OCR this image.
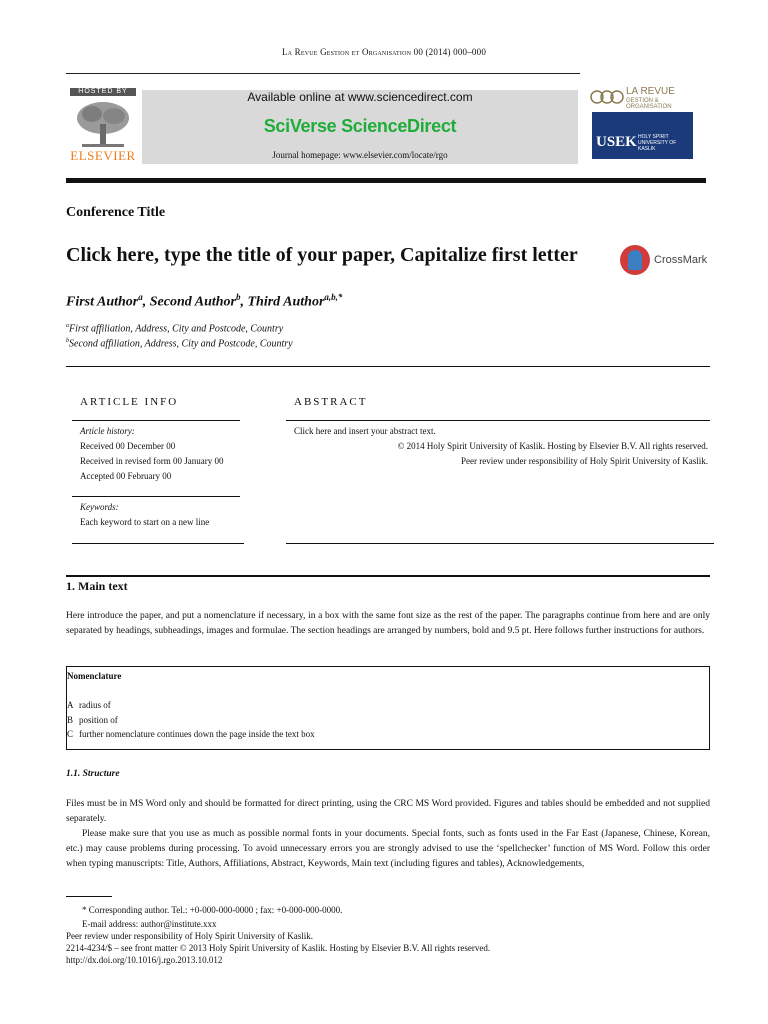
La Revue Gestion et Organisation 00 (2014) 000–000
HOSTED BY
ELSEVIER
Available online at www.sciencedirect.com
SciVerse ScienceDirect
Journal homepage: www.elsevier.com/locate/rgo
LA REVUE
GESTION & ORGANISATION
USEK HOLY SPIRIT UNIVERSITY OF KASLIK
Conference Title
Click here, type the title of your paper, Capitalize first letter	CrossMark
First Author$^a$, Second Author$^b$, Third Author$^{a,b,*}$
$^a$First affiliation, Address, City and Postcode, Country
$^b$Second affiliation, Address, City and Postcode, Country
ARTICLE INFO
Article history:
Received 00 December 00
Received in revised form 00 January 00
Accepted 00 February 00
Keywords:
Each keyword to start on a new line
ABSTRACT
Click here and insert your abstract text.
© 2014 Holy Spirit University of Kaslik. Hosting by Elsevier B.V. All rights reserved.
Peer review under responsibility of Holy Spirit University of Kaslik.
1. Main text
Here introduce the paper, and put a nomenclature if necessary, in a box with the same font size as the rest of the paper. The paragraphs continue from here and are only separated by headings, subheadings, images and formulae. The section headings are arranged by numbers, bold and 9.5 pt. Here follows further instructions for authors.
Nomenclature
A radius of
B position of
C further nomenclature continues down the page inside the text box
1.1. Structure
Files must be in MS Word only and should be formatted for direct printing, using the CRC MS Word provided. Figures and tables should be embedded and not supplied separately.
Please make sure that you use as much as possible normal fonts in your documents. Special fonts, such as fonts used in the Far East (Japanese, Chinese, Korean, etc.) may cause problems during processing. To avoid unnecessary errors you are strongly advised to use the ‘spellchecker’ function of MS Word. Follow this order when typing manuscripts: Title, Authors, Affiliations, Abstract, Keywords, Main text (including figures and tables), Acknowledgements,
* Corresponding author. Tel.: +0-000-000-0000 ; fax: +0-000-000-0000.
E-mail address: author@institute.xxx
Peer review under responsibility of Holy Spirit University of Kaslik.
2214-4234/$ – see front matter © 2013 Holy Spirit University of Kaslik. Hosting by Elsevier B.V. All rights reserved.
http://dx.doi.org/10.1016/j.rgo.2013.10.012
